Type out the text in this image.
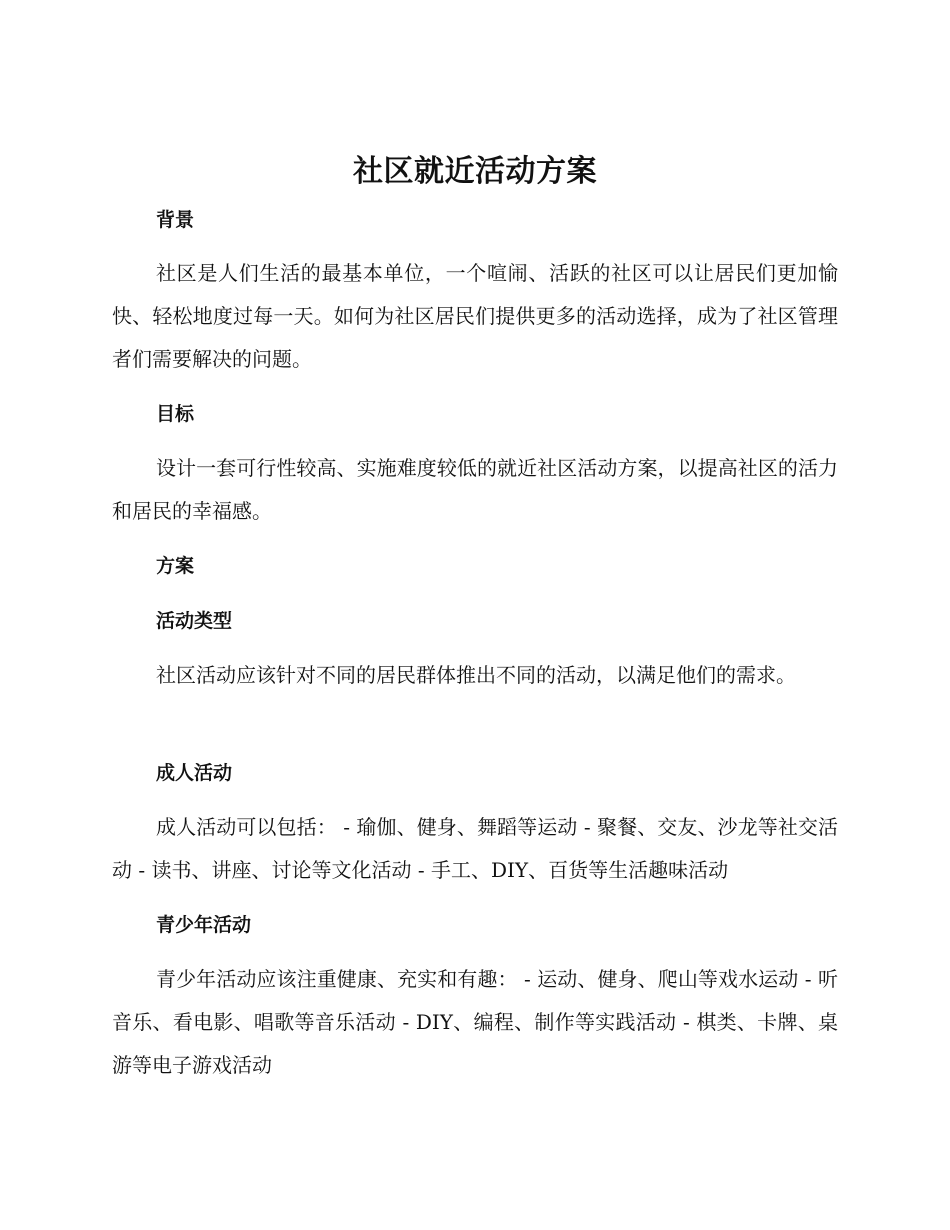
社区就近活动方案
背景

社区是人们生活的最基本单位，一个喧闹、活跃的社区可以让居民们更加愉快、轻松地度过每一天。如何为社区居民们提供更多的活动选择，成为了社区管理者们需要解决的问题。

目标

设计一套可行性较高、实施难度较低的就近社区活动方案，以提高社区的活力和居民的幸福感。

方案
活动类型

社区活动应该针对不同的居民群体推出不同的活动，以满足他们的需求。

成人活动

成人活动可以包括： - 瑜伽、健身、舞蹈等运动 - 聚餐、交友、沙龙等社交活动 - 读书、讲座、讨论等文化活动 - 手工、DIY、百货等生活趣味活动

青少年活动

青少年活动应该注重健康、充实和有趣： - 运动、健身、爬山等戏水运动 - 听音乐、看电影、唱歌等音乐活动 - DIY、编程、制作等实践活动 - 棋类、卡牌、桌游等电子游戏活动
